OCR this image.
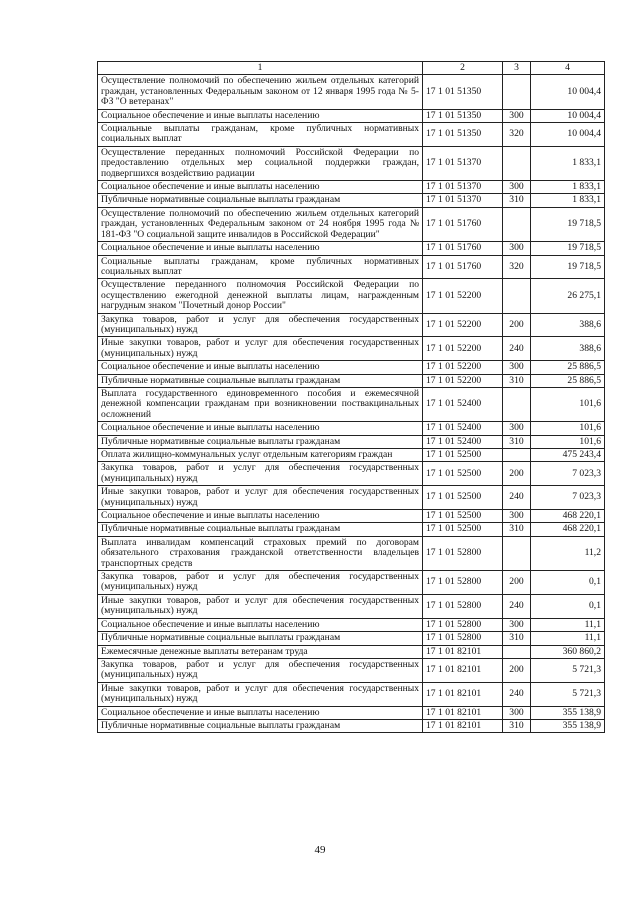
1	2	3	4
Осуществление полномочий по обеспечению жильем отдельных категорий граждан, установленных Федеральным законом от 12 января 1995 года № 5-ФЗ "О ветеранах"	17 1 01 51350		10 004,4
Социальное обеспечение и иные выплаты населению	17 1 01 51350	300	10 004,4
Социальные выплаты гражданам, кроме публичных нормативных социальных выплат	17 1 01 51350	320	10 004,4
Осуществление переданных полномочий Российской Федерации по предоставлению отдельных мер социальной поддержки граждан, подвергшихся воздействию радиации	17 1 01 51370		1 833,1
Социальное обеспечение и иные выплаты населению	17 1 01 51370	300	1 833,1
Публичные нормативные социальные выплаты гражданам	17 1 01 51370	310	1 833,1
Осуществление полномочий по обеспечению жильем отдельных категорий граждан, установленных Федеральным законом от 24 ноября 1995 года № 181-ФЗ "О социальной защите инвалидов в Российской Федерации"	17 1 01 51760		19 718,5
Социальное обеспечение и иные выплаты населению	17 1 01 51760	300	19 718,5
Социальные выплаты гражданам, кроме публичных нормативных социальных выплат	17 1 01 51760	320	19 718,5
Осуществление переданного полномочия Российской Федерации по осуществлению ежегодной денежной выплаты лицам, награжденным нагрудным знаком "Почетный донор России"	17 1 01 52200		26 275,1
Закупка товаров, работ и услуг для обеспечения государственных (муниципальных) нужд	17 1 01 52200	200	388,6
Иные закупки товаров, работ и услуг для обеспечения государственных (муниципальных) нужд	17 1 01 52200	240	388,6
Социальное обеспечение и иные выплаты населению	17 1 01 52200	300	25 886,5
Публичные нормативные социальные выплаты гражданам	17 1 01 52200	310	25 886,5
Выплата государственного единовременного пособия и ежемесячной денежной компенсации гражданам при возникновении поствакцинальных осложнений	17 1 01 52400		101,6
Социальное обеспечение и иные выплаты населению	17 1 01 52400	300	101,6
Публичные нормативные социальные выплаты гражданам	17 1 01 52400	310	101,6
Оплата жилищно-коммунальных услуг отдельным категориям граждан	17 1 01 52500		475 243,4
Закупка товаров, работ и услуг для обеспечения государственных (муниципальных) нужд	17 1 01 52500	200	7 023,3
Иные закупки товаров, работ и услуг для обеспечения государственных (муниципальных) нужд	17 1 01 52500	240	7 023,3
Социальное обеспечение и иные выплаты населению	17 1 01 52500	300	468 220,1
Публичные нормативные социальные выплаты гражданам	17 1 01 52500	310	468 220,1
Выплата инвалидам компенсаций страховых премий по договорам обязательного страхования гражданской ответственности владельцев транспортных средств	17 1 01 52800		11,2
Закупка товаров, работ и услуг для обеспечения государственных (муниципальных) нужд	17 1 01 52800	200	0,1
Иные закупки товаров, работ и услуг для обеспечения государственных (муниципальных) нужд	17 1 01 52800	240	0,1
Социальное обеспечение и иные выплаты населению	17 1 01 52800	300	11,1
Публичные нормативные социальные выплаты гражданам	17 1 01 52800	310	11,1
Ежемесячные денежные выплаты ветеранам труда	17 1 01 82101		360 860,2
Закупка товаров, работ и услуг для обеспечения государственных (муниципальных) нужд	17 1 01 82101	200	5 721,3
Иные закупки товаров, работ и услуг для обеспечения государственных (муниципальных) нужд	17 1 01 82101	240	5 721,3
Социальное обеспечение и иные выплаты населению	17 1 01 82101	300	355 138,9
Публичные нормативные социальные выплаты гражданам	17 1 01 82101	310	355 138,9
49
